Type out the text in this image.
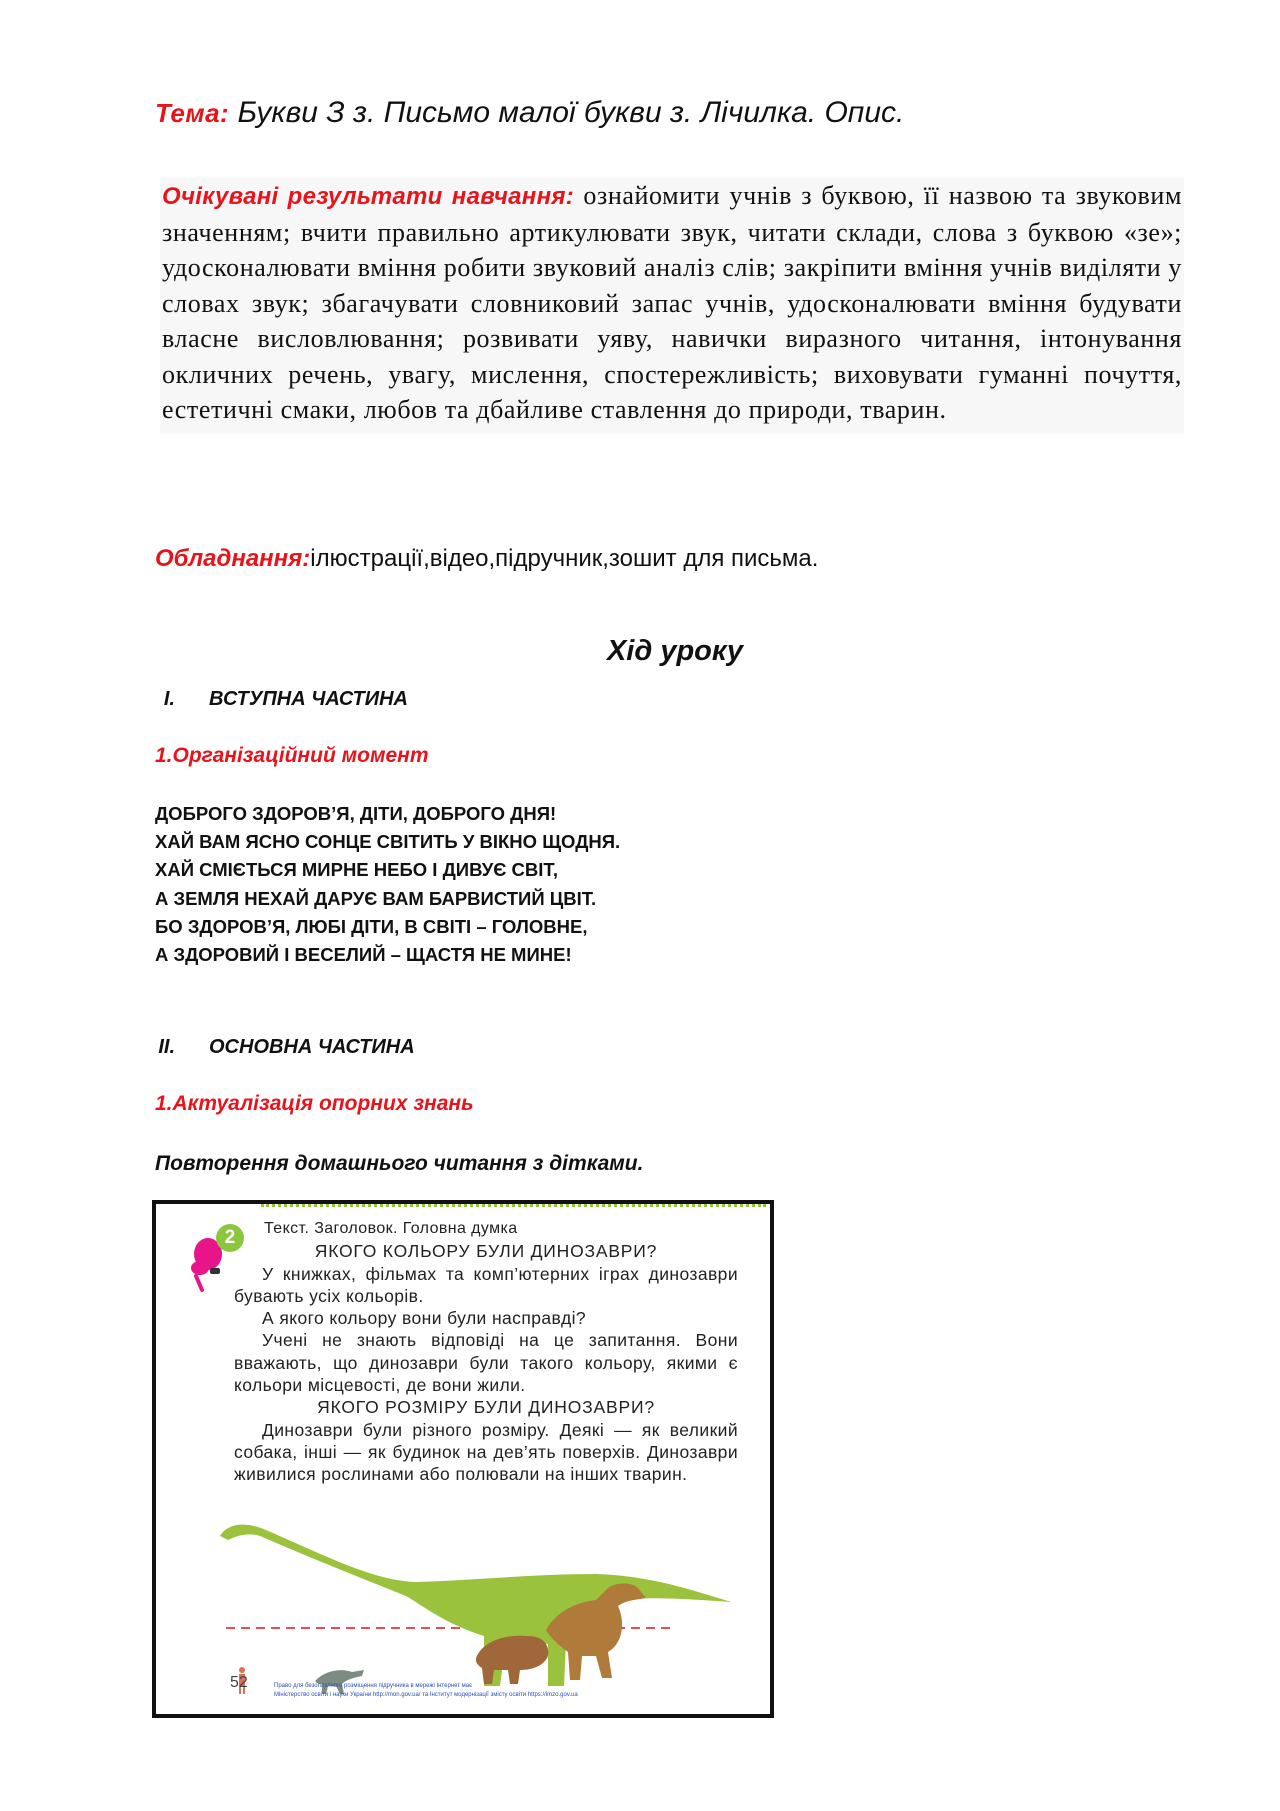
Тема: Букви З з. Письмо малої букви з. Лічилка. Опис.
Очікувані результати навчання: ознайомити учнів з буквою, її назвою та звуковим значенням; вчити правильно артикулювати звук, читати склади, слова з буквою «зе»; удосконалювати вміння робити звуковий аналіз слів; закріпити вміння учнів виділяти у словах звук; збагачувати словниковий запас учнів, удосконалювати вміння будувати власне висловлювання; розвивати уяву, навички виразного читання, інтонування окличних речень, увагу, мислення, спостережливість; виховувати гуманні почуття, естетичні смаки, любов та дбайливе ставлення до природи, тварин.
Обладнання:ілюстрації,відео,підручник,зошит для письма.
Хід уроку
I. ВСТУПНА ЧАСТИНА
1.Організаційний момент
ДОБРОГО ЗДОРОВ’Я, ДІТИ, ДОБРОГО ДНЯ!
ХАЙ ВАМ ЯСНО СОНЦЕ СВІТИТЬ У ВІКНО ЩОДНЯ.
ХАЙ СМІЄТЬСЯ МИРНЕ НЕБО І ДИВУЄ СВІТ,
А ЗЕМЛЯ НЕХАЙ ДАРУЄ ВАМ БАРВИСТИЙ ЦВІТ.
БО ЗДОРОВ’Я, ЛЮБІ ДІТИ, В СВІТІ – ГОЛОВНЕ,
А ЗДОРОВИЙ І ВЕСЕЛИЙ – ЩАСТЯ НЕ МИНЕ!
II. ОСНОВНА ЧАСТИНА
1.Актуалізація опорних знань
Повторення домашнього читання з дітками.
2	Текст. Заголовок. Головна думка
ЯКОГО КОЛЬОРУ БУЛИ ДИНОЗАВРИ?
У книжках, фільмах та комп’ютерних іграх динозаври бувають усіх кольорів.
А якого кольору вони були насправді?
Учені не знають відповіді на це запитання. Вони вважають, що динозаври були такого кольору, якими є кольори місцевості, де вони жили.
ЯКОГО РОЗМІРУ БУЛИ ДИНОЗАВРИ?
Динозаври були різного розміру. Деякі — як великий собака, інші — як будинок на дев’ять поверхів. Динозаври живилися рослинами або полювали на інших тварин.
52	Право для безоплатного розміщення підручника в мережі Інтернет має
Міністерство освіти і науки України http://mon.gov.ua/ та Інститут модернізації змісту освіти https://imzo.gov.ua
